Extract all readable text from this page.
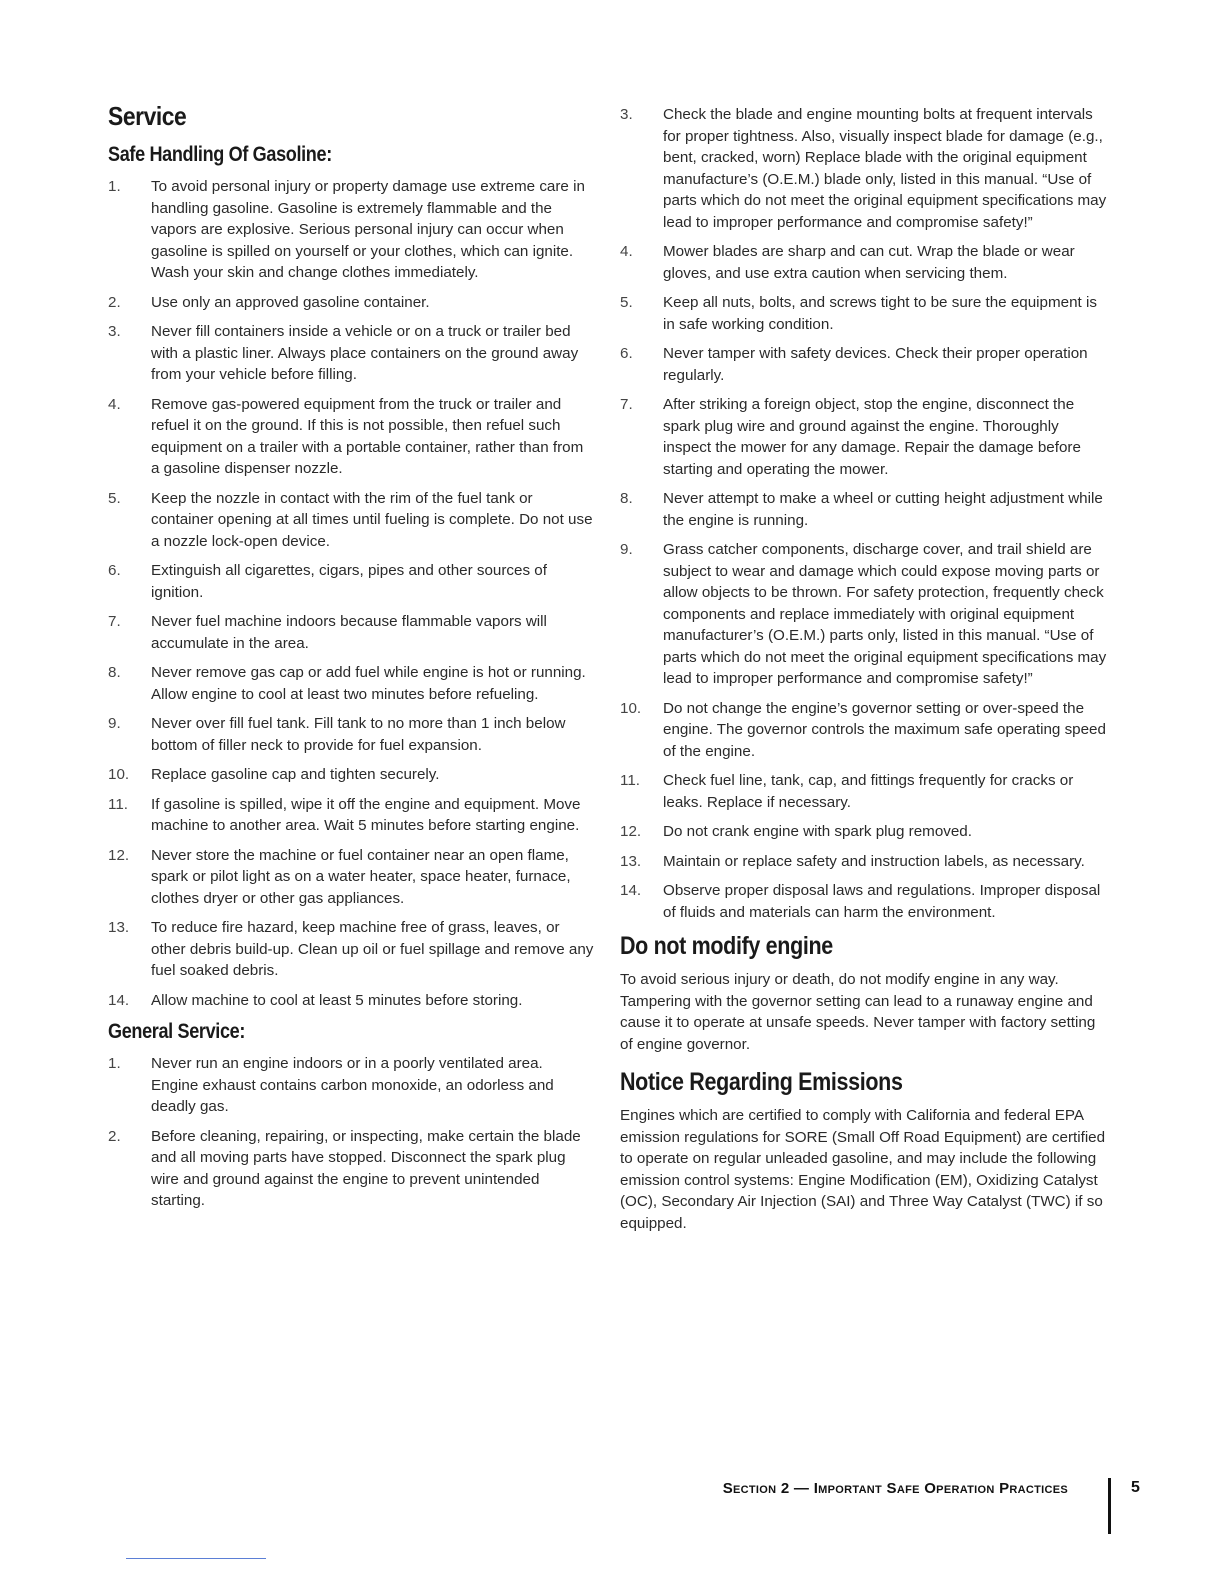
Service
Safe Handling Of Gasoline:
1.	To avoid personal injury or property damage use extreme care in handling gasoline. Gasoline is extremely flammable and the vapors are explosive. Serious personal injury can occur when gasoline is spilled on yourself or your clothes, which can ignite. Wash your skin and change clothes immediately.
2.	Use only an approved gasoline container.
3.	Never fill containers inside a vehicle or on a truck or trailer bed with a plastic liner. Always place containers on the ground away from your vehicle before filling.
4.	Remove gas-powered equipment from the truck or trailer and refuel it on the ground. If this is not possible, then refuel such equipment on a trailer with a portable container, rather than from a gasoline dispenser nozzle.
5.	Keep the nozzle in contact with the rim of the fuel tank or container opening at all times until fueling is complete. Do not use a nozzle lock-open device.
6.	Extinguish all cigarettes, cigars, pipes and other sources of ignition.
7.	Never fuel machine indoors because flammable vapors will accumulate in the area.
8.	Never remove gas cap or add fuel while engine is hot or running. Allow engine to cool at least two minutes before refueling.
9.	Never over fill fuel tank. Fill tank to no more than 1 inch below bottom of filler neck to provide for fuel expansion.
10.	Replace gasoline cap and tighten securely.
11.	If gasoline is spilled, wipe it off the engine and equipment. Move machine to another area. Wait 5 minutes before starting engine.
12.	Never store the machine or fuel container near an open flame, spark or pilot light as on a water heater, space heater, furnace, clothes dryer or other gas appliances.
13.	To reduce fire hazard, keep machine free of grass, leaves, or other debris build-up. Clean up oil or fuel spillage and remove any fuel soaked debris.
14.	Allow machine to cool at least 5 minutes before storing.
General Service:
1.	Never run an engine indoors or in a poorly ventilated area. Engine exhaust contains carbon monoxide, an odorless and deadly gas.
2.	Before cleaning, repairing, or inspecting, make certain the blade and all moving parts have stopped. Disconnect the spark plug wire and ground against the engine to prevent unintended starting.
3.	Check the blade and engine mounting bolts at frequent intervals for proper tightness. Also, visually inspect blade for damage (e.g., bent, cracked, worn) Replace blade with the original equipment manufacture’s (O.E.M.) blade only, listed in this manual. “Use of parts which do not meet the original equipment specifications may lead to improper performance and compromise safety!”
4.	Mower blades are sharp and can cut. Wrap the blade or wear gloves, and use extra caution when servicing them.
5.	Keep all nuts, bolts, and screws tight to be sure the equipment is in safe working condition.
6.	Never tamper with safety devices. Check their proper operation regularly.
7.	After striking a foreign object, stop the engine, disconnect the spark plug wire and ground against the engine. Thoroughly inspect the mower for any damage. Repair the damage before starting and operating the mower.
8.	Never attempt to make a wheel or cutting height adjustment while the engine is running.
9.	Grass catcher components, discharge cover, and trail shield are subject to wear and damage which could expose moving parts or allow objects to be thrown. For safety protection, frequently check components and replace immediately with original equipment manufacturer’s (O.E.M.) parts only, listed in this manual. “Use of parts which do not meet the original equipment specifications may lead to improper performance and compromise safety!”
10.	Do not change the engine’s governor setting or over-speed the engine. The governor controls the maximum safe operating speed of the engine.
11.	Check fuel line, tank, cap, and fittings frequently for cracks or leaks. Replace if necessary.
12.	Do not crank engine with spark plug removed.
13.	Maintain or replace safety and instruction labels, as necessary.
14.	Observe proper disposal laws and regulations. Improper disposal of fluids and materials can harm the environment.
Do not modify engine

To avoid serious injury or death, do not modify engine in any way. Tampering with the governor setting can lead to a runaway engine and cause it to operate at unsafe speeds. Never tamper with factory setting of engine governor.

Notice Regarding Emissions

Engines which are certified to comply with California and federal EPA emission regulations for SORE (Small Off Road Equipment) are certified to operate on regular unleaded gasoline, and may include the following emission control systems: Engine Modification (EM), Oxidizing Catalyst (OC), Secondary Air Injection (SAI) and Three Way Catalyst (TWC) if so equipped.

Section 2 — Important Safe Operation Practices	5
